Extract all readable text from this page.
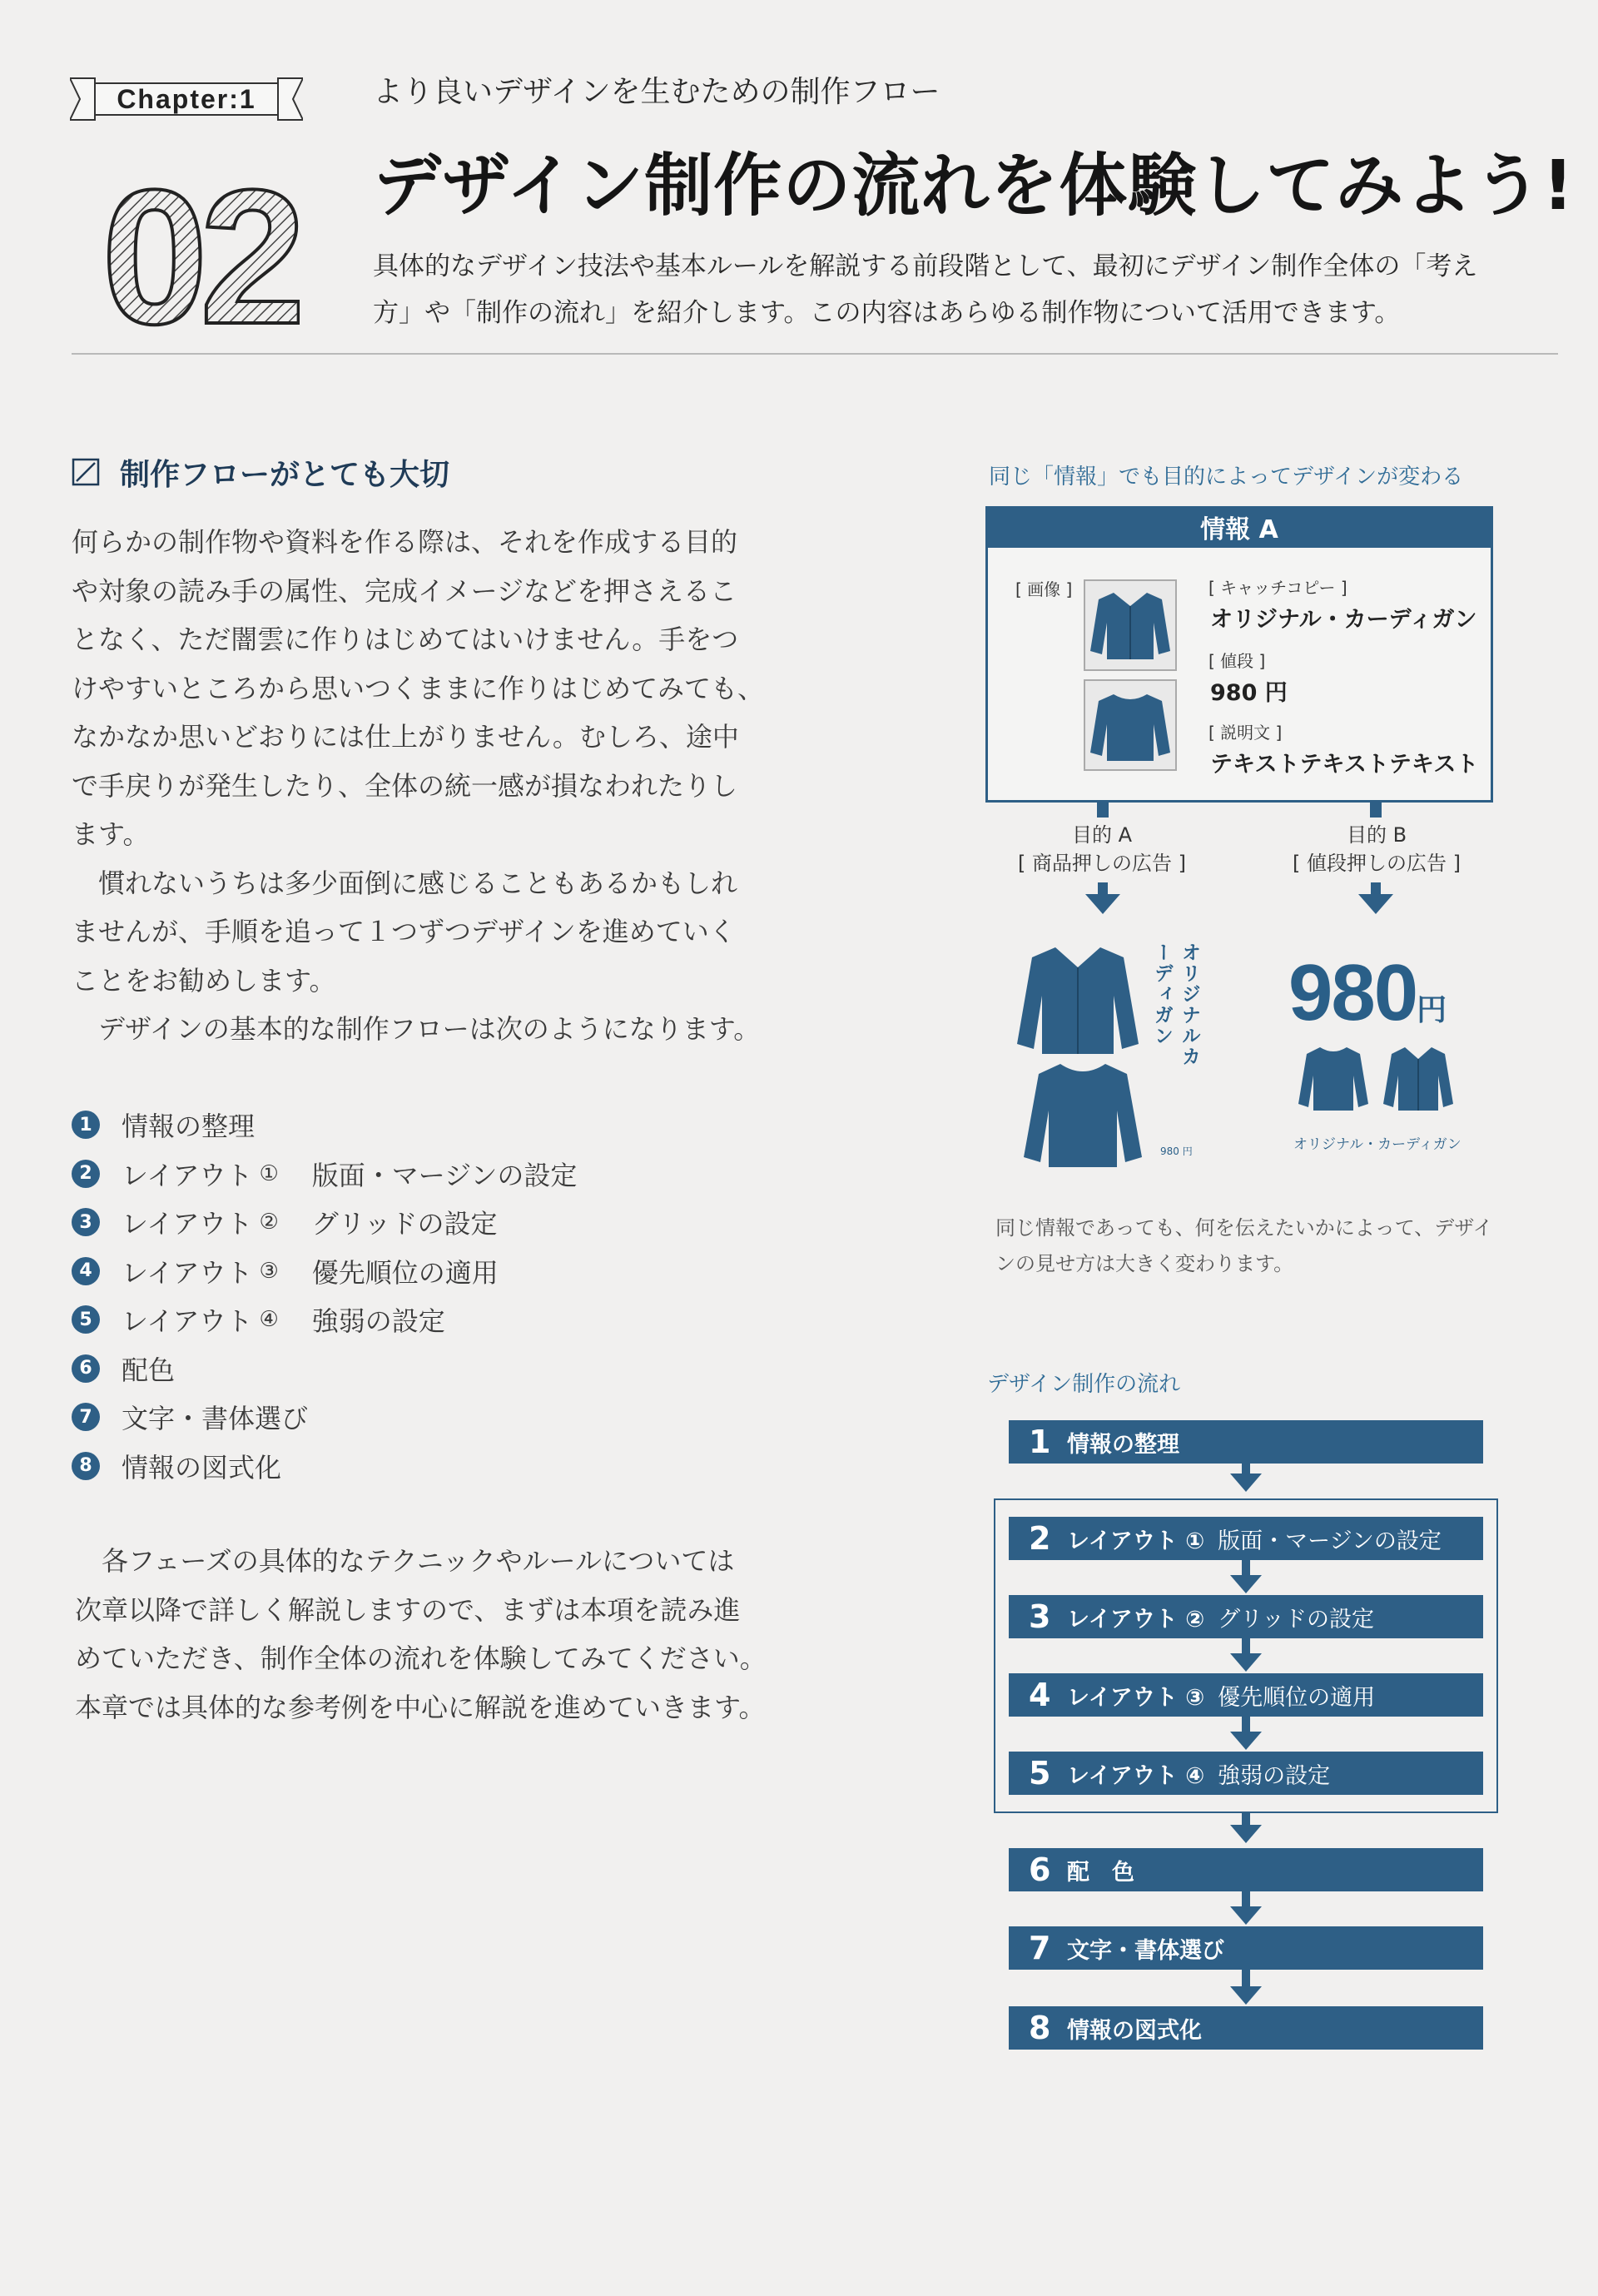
Chapter:1
02
より良いデザインを生むための制作フロー
デザイン制作の流れを体験してみよう!
具体的なデザイン技法や基本ルールを解説する前段階として、最初にデザイン制作全体の「考え
方」や「制作の流れ」を紹介します。この内容はあらゆる制作物について活用できます。
制作フローがとても大切
何らかの制作物や資料を作る際は、それを作成する目的
や対象の読み手の属性、完成イメージなどを押さえるこ
となく、ただ闇雲に作りはじめてはいけません。手をつ
けやすいところから思いつくままに作りはじめてみても、
なかなか思いどおりには仕上がりません。むしろ、途中
で手戻りが発生したり、全体の統一感が損なわれたりし
ます。
　慣れないうちは多少面倒に感じることもあるかもしれ
ませんが、手順を追って１つずつデザインを進めていく
ことをお勧めします。
　デザインの基本的な制作フローは次のようになります。
1 情報の整理
2 レイアウト ① 版面・マージンの設定
3 レイアウト ② グリッドの設定
4 レイアウト ③ 優先順位の適用
5 レイアウト ④ 強弱の設定
6 配色
7 文字・書体選び
8 情報の図式化
　各フェーズの具体的なテクニックやルールについては
次章以降で詳しく解説しますので、まずは本項を読み進
めていただき、制作全体の流れを体験してみてください。
本章では具体的な参考例を中心に解説を進めていきます。
同じ「情報」でも目的によってデザインが変わる
情報 A
[ 画像 ]	[ キャッチコピー ]
オリジナル・カーディガン
[ 値段 ]
980 円
[ 説明文 ]
テキストテキストテキスト
目的 A
[ 商品押しの広告 ]
目的 B
[ 値段押しの広告 ]
オリジナルカーディガン
980 円
980円
オリジナル・カーディガン
同じ情報であっても、何を伝えたいかによって、デザイ
ンの見せ方は大きく変わります。
デザイン制作の流れ
1 情報の整理
2 レイアウト ① 版面・マージンの設定
3 レイアウト ② グリッドの設定
4 レイアウト ③ 優先順位の適用
5 レイアウト ④ 強弱の設定
6 配　色
7 文字・書体選び
8 情報の図式化
